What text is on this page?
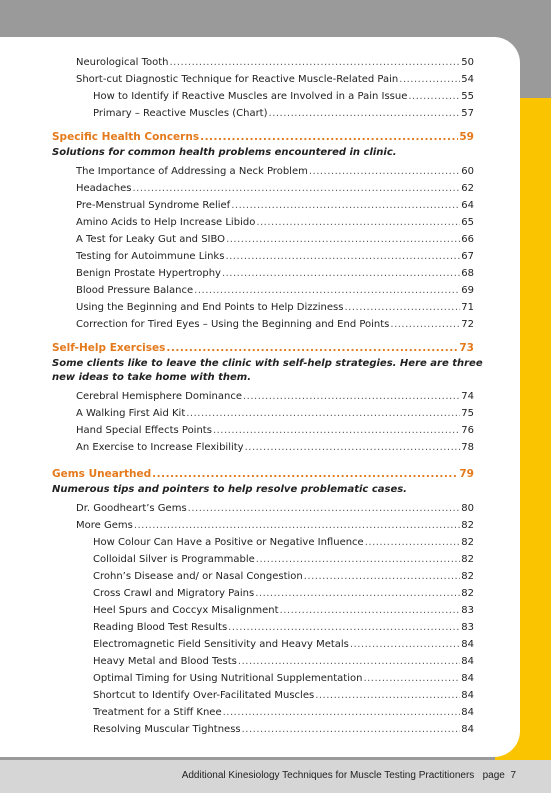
Neurological Tooth .....	50
Short-cut Diagnostic Technique for Reactive Muscle-Related Pain .....	54
How to Identify if Reactive Muscles are Involved in a Pain Issue .....	55
Primary – Reactive Muscles (Chart) .....	57
Specific Health Concerns .....	59
Solutions for common health problems encountered in clinic.
The Importance of Addressing a Neck Problem .....	60
Headaches .....	62
Pre-Menstrual Syndrome Relief .....	64
Amino Acids to Help Increase Libido .....	65
A Test for Leaky Gut and SIBO .....	66
Testing for Autoimmune Links .....	67
Benign Prostate Hypertrophy .....	68
Blood Pressure Balance .....	69
Using the Beginning and End Points to Help Dizziness .....	71
Correction for Tired Eyes – Using the Beginning and End Points .....	72
Self-Help Exercises .....	73
Some clients like to leave the clinic with self-help strategies. Here are three new ideas to take home with them.
Cerebral Hemisphere Dominance .....	74
A Walking First Aid Kit .....	75
Hand Special Effects Points .....	76
An Exercise to Increase Flexibility .....	78
Gems Unearthed .....	79
Numerous tips and pointers to help resolve problematic cases.
Dr. Goodheart’s Gems .....	80
More Gems .....	82
How Colour Can Have a Positive or Negative Influence .....	82
Colloidal Silver is Programmable .....	82
Crohn’s Disease and/ or Nasal Congestion .....	82
Cross Crawl and Migratory Pains .....	82
Heel Spurs and Coccyx Misalignment .....	83
Reading Blood Test Results .....	83
Electromagnetic Field Sensitivity and Heavy Metals .....	84
Heavy Metal and Blood Tests .....	84
Optimal Timing for Using Nutritional Supplementation .....	84
Shortcut to Identify Over-Facilitated Muscles .....	84
Treatment for a Stiff Knee .....	84
Resolving Muscular Tightness .....	84
Additional Kinesiology Techniques for Muscle Testing Practitioners page 7
